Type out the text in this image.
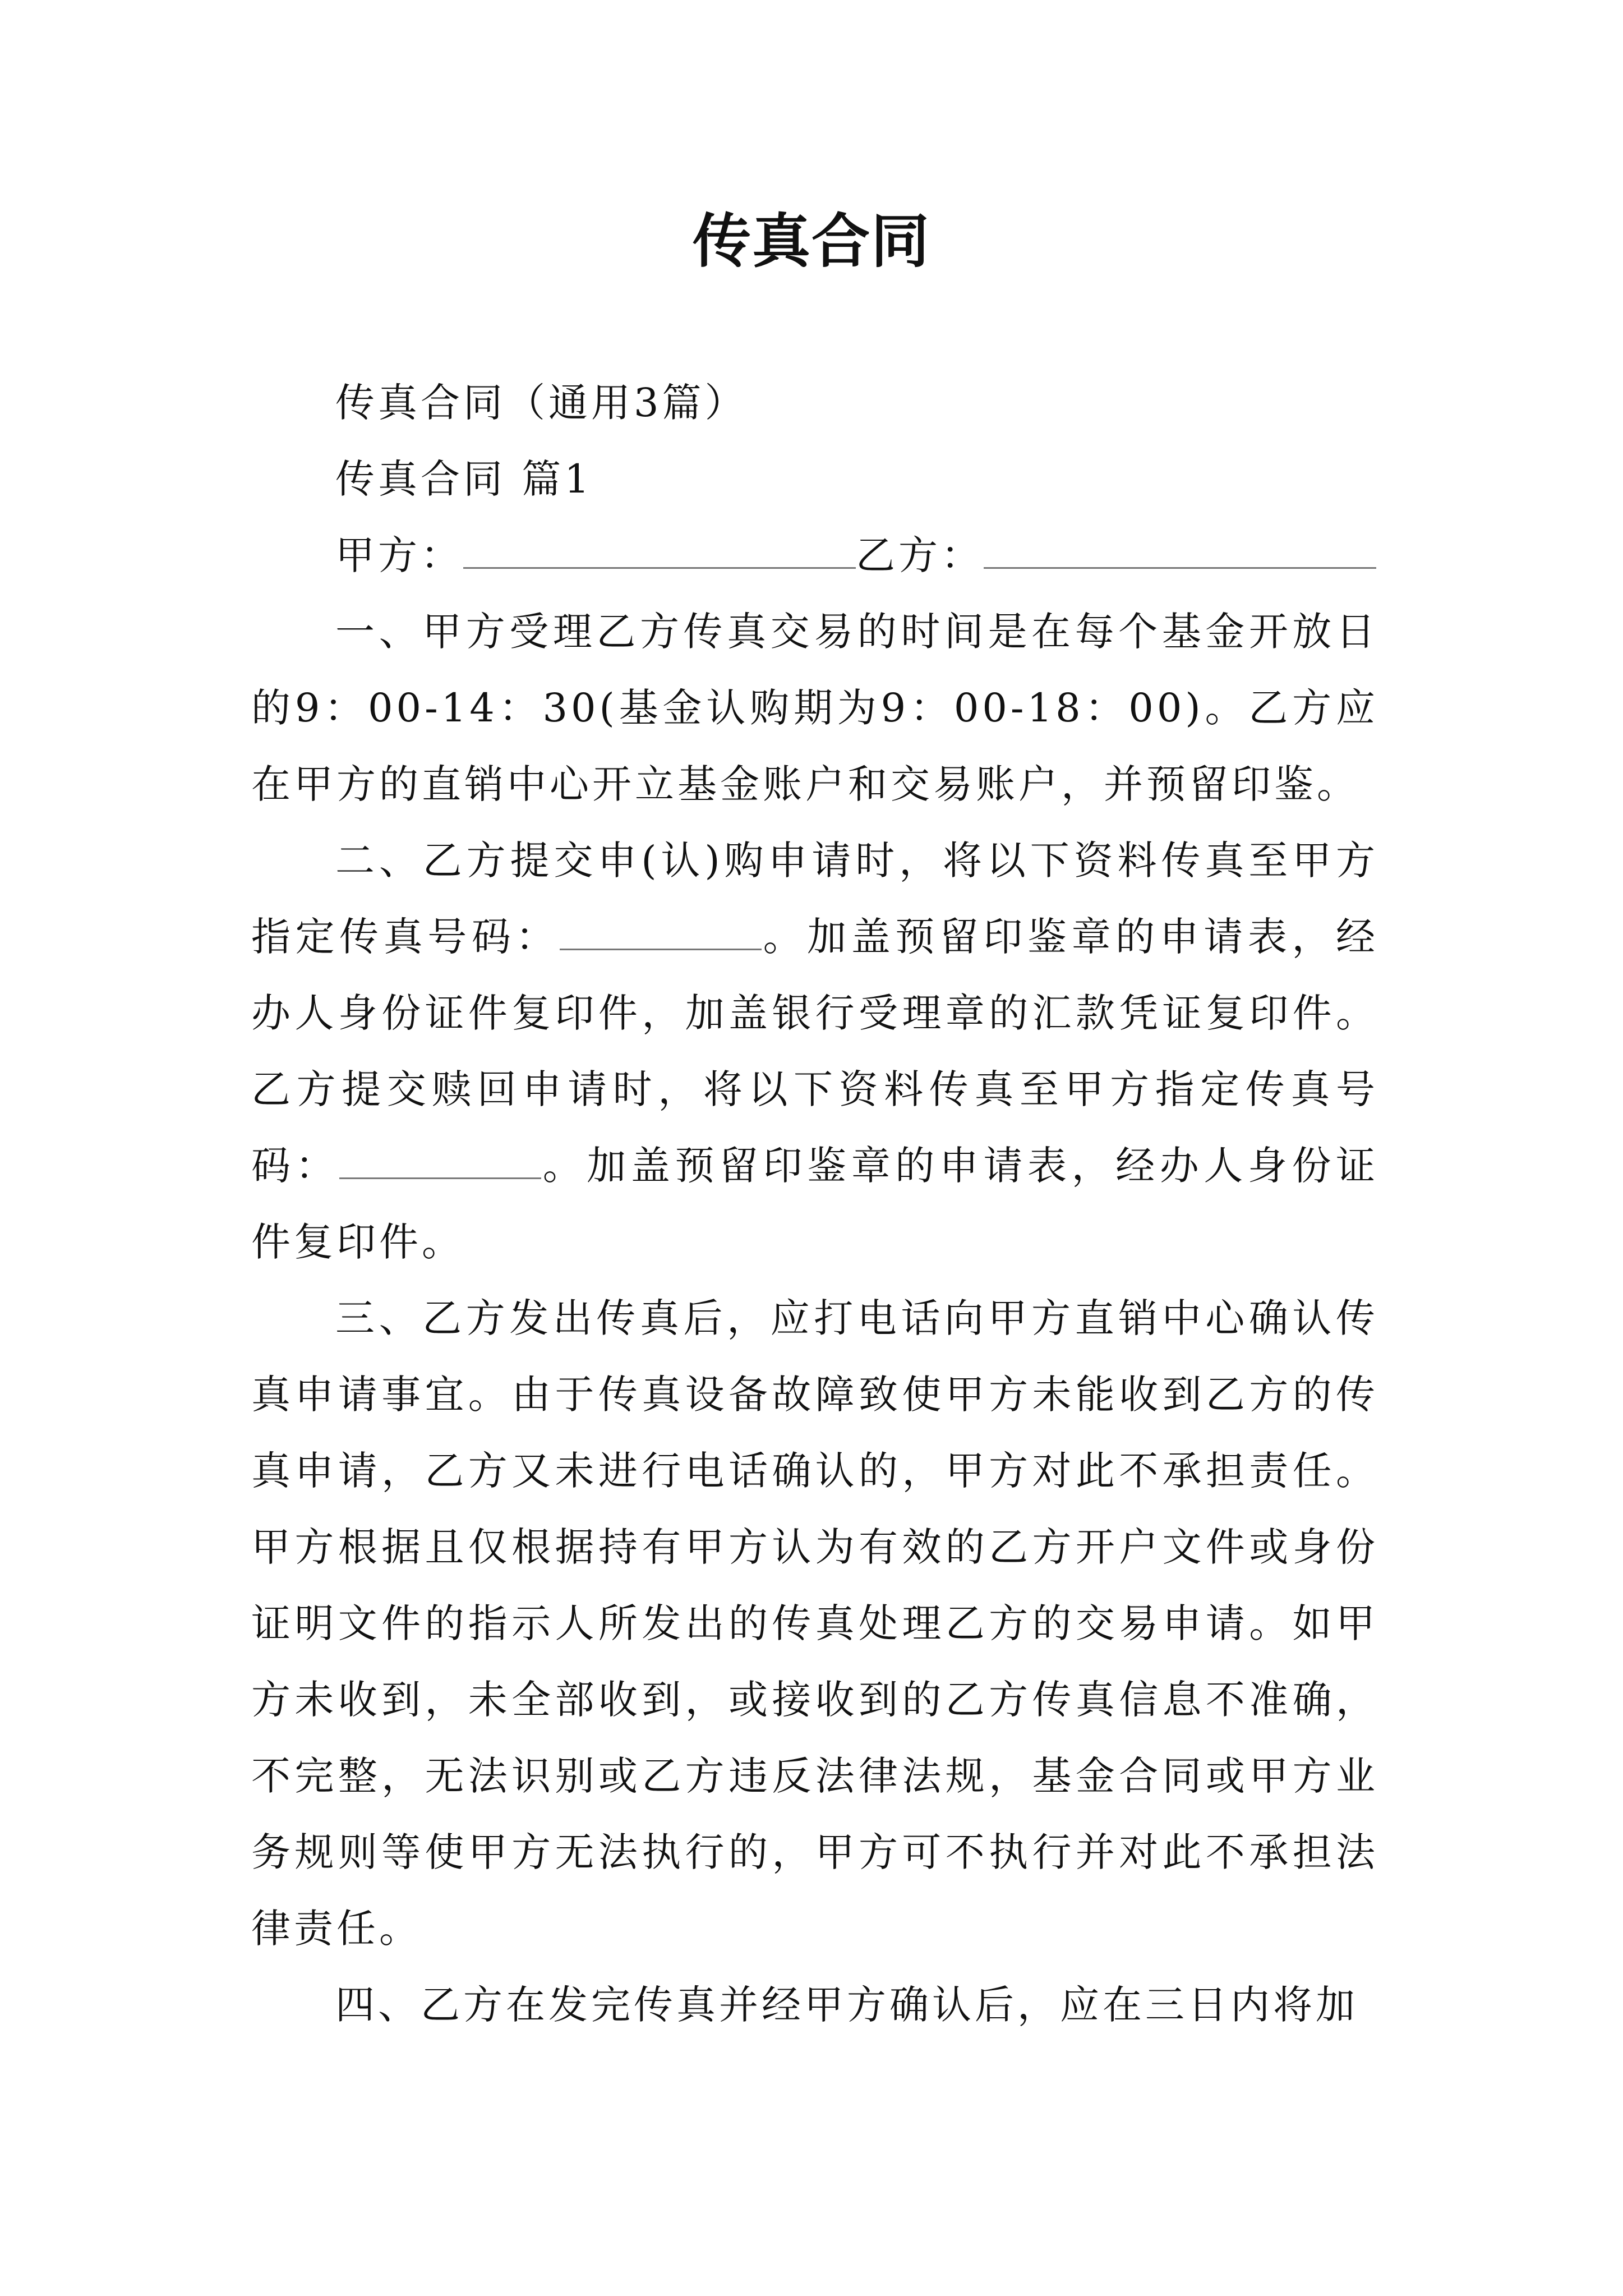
传真合同
传真合同（通用3篇）
传真合同 篇1
甲方：	乙方：

一、甲方受理乙方传真交易的时间是在每个基金开放日的9：00-14：30(基金认购期为9：00-18：00)。乙方应在甲方的直销中心开立基金账户和交易账户，并预留印鉴。

二、乙方提交申(认)购申请时，将以下资料传真至甲方指定传真号码：	。加盖预留印鉴章的申请表，经办人身份证件复印件，加盖银行受理章的汇款凭证复印件。乙方提交赎回申请时，将以下资料传真至甲方指定传真号码：	。加盖预留印鉴章的申请表，经办人身份证件复印件。

三、乙方发出传真后，应打电话向甲方直销中心确认传真申请事宜。由于传真设备故障致使甲方未能收到乙方的传真申请，乙方又未进行电话确认的，甲方对此不承担责任。甲方根据且仅根据持有甲方认为有效的乙方开户文件或身份证明文件的指示人所发出的传真处理乙方的交易申请。如甲方未收到，未全部收到，或接收到的乙方传真信息不准确，不完整，无法识别或乙方违反法律法规，基金合同或甲方业务规则等使甲方无法执行的，甲方可不执行并对此不承担法律责任。

四、乙方在发完传真并经甲方确认后，应在三日内将加
